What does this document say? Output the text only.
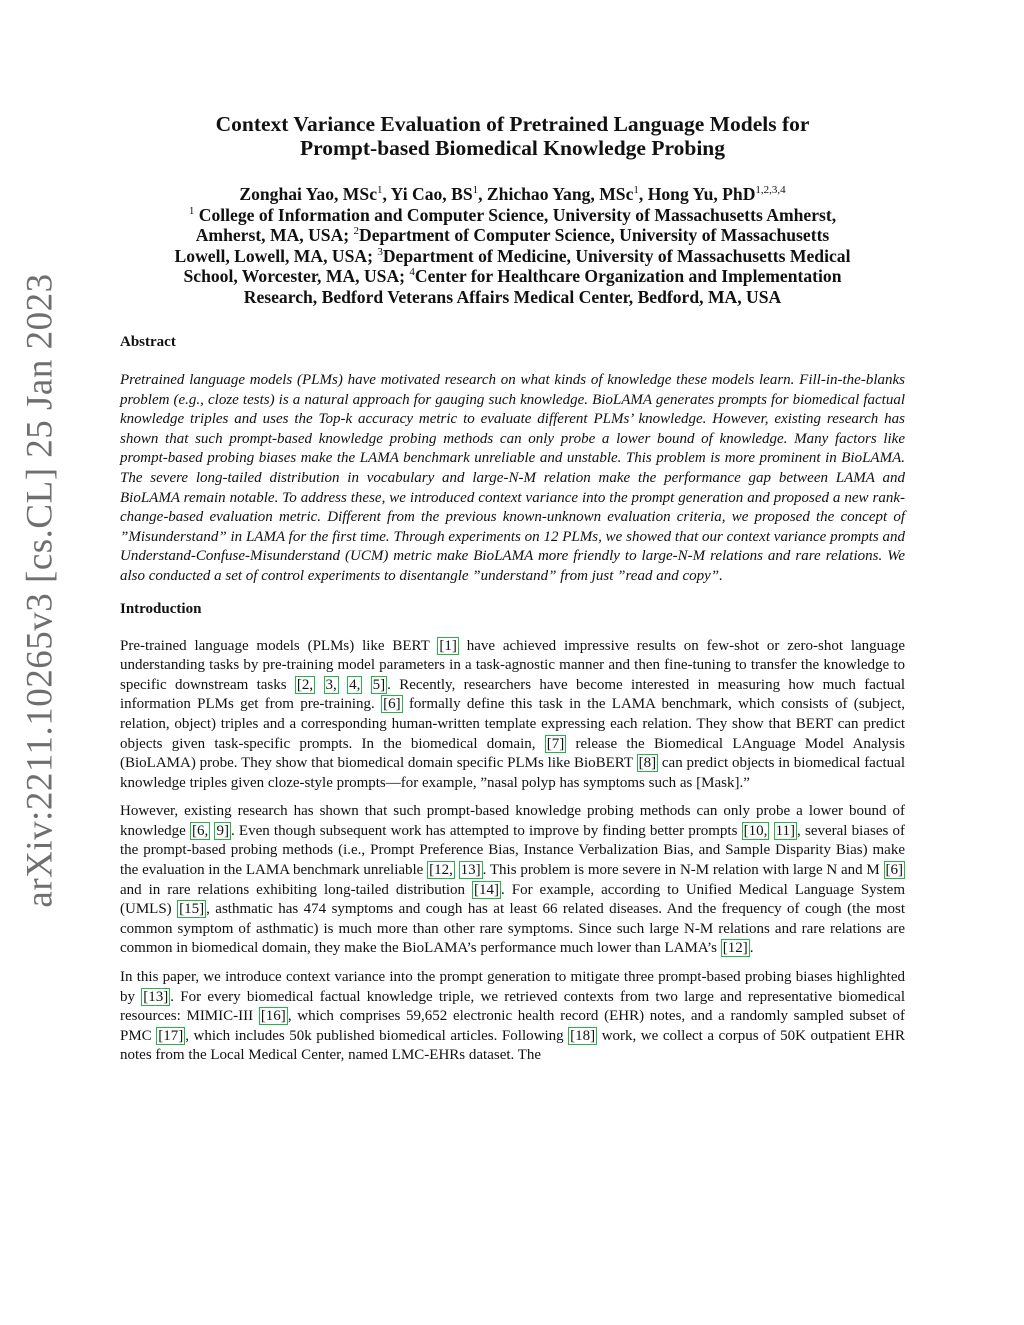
arXiv:2211.10265v3 [cs.CL] 25 Jan 2023
Context Variance Evaluation of Pretrained Language Models for
Prompt-based Biomedical Knowledge Probing
Zonghai Yao, MSc$^1$, Yi Cao, $BS^1$, Zhichao Yang, MSc$^1$, Hong Yu, PhD$^{1,2,3,4}$
$^1$ College of Information and Computer Science, University of Massachusetts Amherst,
Amherst, MA, USA; $^2$Department of Computer Science, University of Massachusetts
Lowell, Lowell, MA, USA; $^3$Department of Medicine, University of Massachusetts Medical
School, Worcester, MA, USA; $^4$Center for Healthcare Organization and Implementation
Research, Bedford Veterans Affairs Medical Center, Bedford, MA, USA
Abstract

Pretrained language models (PLMs) have motivated research on what kinds of knowledge these models learn. Fill-in-the-blanks problem (e.g., cloze tests) is a natural approach for gauging such knowledge. BioLAMA generates prompts for biomedical factual knowledge triples and uses the Top-k accuracy metric to evaluate different PLMs’ knowledge. However, existing research has shown that such prompt-based knowledge probing methods can only probe a lower bound of knowledge. Many factors like prompt-based probing biases make the LAMA benchmark unreliable and unstable. This problem is more prominent in BioLAMA. The severe long-tailed distribution in vocabulary and large-N-M relation make the performance gap between LAMA and BioLAMA remain notable. To address these, we introduced context variance into the prompt generation and proposed a new rank-change-based evaluation metric. Different from the previous known-unknown evaluation criteria, we proposed the concept of ”Misunderstand” in LAMA for the first time. Through experiments on 12 PLMs, we showed that our context variance prompts and Understand-Confuse-Misunderstand (UCM) metric make BioLAMA more friendly to large-N-M relations and rare relations. We also conducted a set of control experiments to disentangle ”understand” from just ”read and copy”.

Introduction

Pre-trained language models (PLMs) like BERT [1] have achieved impressive results on few-shot or zero-shot language understanding tasks by pre-training model parameters in a task-agnostic manner and then fine-tuning to transfer the knowledge to specific downstream tasks [2, 3, 4, 5] . Recently, researchers have become interested in measuring how much factual information PLMs get from pre-training. [6] formally define this task in the LAMA benchmark, which consists of (subject, relation, object) triples and a corresponding human-written template expressing each relation. They show that BERT can predict objects given task-specific prompts. In the biomedical domain, [7] release the Biomedical LAnguage Model Analysis (BioLAMA) probe. They show that biomedical domain specific PLMs like BioBERT [8] can predict objects in biomedical factual knowledge triples given cloze-style prompts—for example, ”nasal polyp has symptoms such as [Mask].”

However, existing research has shown that such prompt-based knowledge probing methods can only probe a lower bound of knowledge [6, 9] . Even though subsequent work has attempted to improve by finding better prompts [10, 11] , several biases of the prompt-based probing methods (i.e., Prompt Preference Bias, Instance Verbalization Bias, and Sample Disparity Bias) make the evaluation in the LAMA benchmark unreliable [12, 13] . This problem is more severe in N-M relation with large N and M [6] and in rare relations exhibiting long-tailed distribution [14] . For example, according to Unified Medical Language System (UMLS) [15] , asthmatic has 474 symptoms and cough has at least 66 related diseases. And the frequency of cough (the most common symptom of asthmatic) is much more than other rare symptoms. Since such large N-M relations and rare relations are common in biomedical domain, they make the BioLAMA’s performance much lower than LAMA’s [12] .

In this paper, we introduce context variance into the prompt generation to mitigate three prompt-based probing biases highlighted by [13] . For every biomedical factual knowledge triple, we retrieved contexts from two large and representative biomedical resources: MIMIC-III [16] , which comprises 59,652 electronic health record (EHR) notes, and a randomly sampled subset of PMC [17] , which includes 50k published biomedical articles. Following [18] work, we collect a corpus of 50K outpatient EHR notes from the Local Medical Center, named LMC-EHRs dataset. The
